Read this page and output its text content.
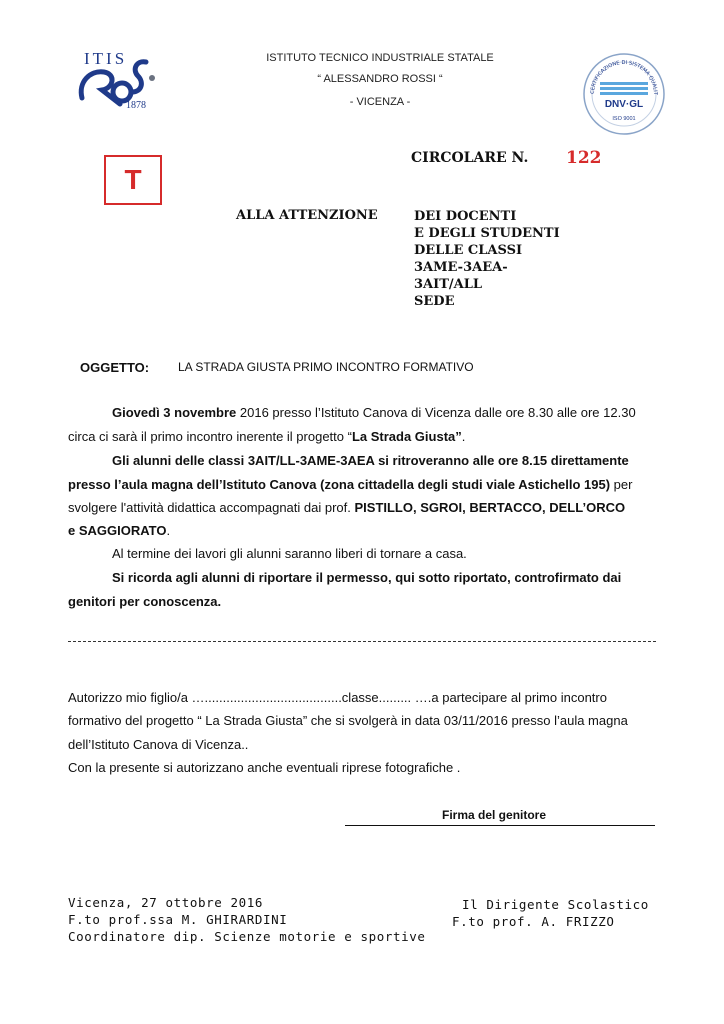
ITIS
1878
ISTITUTO TECNICO INDUSTRIALE STATALE
“ ALESSANDRO ROSSI “
- VICENZA -
CERTIFICAZIONE DI SISTEMA QUALIT
DNV·GL
ISO 9001
T
CIRCOLARE N. 122
ALLA ATTENZIONE	DEI DOCENTI
E DEGLI STUDENTI
DELLE CLASSI
3AME-3AEA-
3AIT/ALL
SEDE
OGGETTO: LA STRADA GIUSTA PRIMO INCONTRO FORMATIVO
Giovedì 3 novembre 2016 presso l’Istituto Canova di Vicenza dalle ore 8.30 alle ore 12.30
circa ci sarà il primo incontro inerente il progetto “La Strada Giusta”.
Gli alunni delle classi 3AIT/LL-3AME-3AEA si ritroveranno alle ore 8.15 direttamente
presso l’aula magna dell’Istituto Canova (zona cittadella degli studi viale Astichello 195) per
svolgere l'attività didattica accompagnati dai prof. PISTILLO, SGROI, BERTACCO, DELL’ORCO
e SAGGIORATO.
Al termine dei lavori gli alunni saranno liberi di tornare a casa.
Si ricorda agli alunni di riportare il permesso, qui sotto riportato, controfirmato dai
genitori per conoscenza.
Autorizzo mio figlio/a …......................................classe......... ….a partecipare al primo incontro
formativo del progetto “ La Strada Giusta” che si svolgerà in data 03/11/2016 presso l’aula magna
dell’Istituto Canova di Vicenza..
Con la presente si autorizzano anche eventuali riprese fotografiche .
Firma del genitore
Vicenza, 27 ottobre 2016
F.to prof.ssa M. GHIRARDINI
Coordinatore dip. Scienze motorie e sportive
Il Dirigente Scolastico
F.to prof. A. FRIZZO
